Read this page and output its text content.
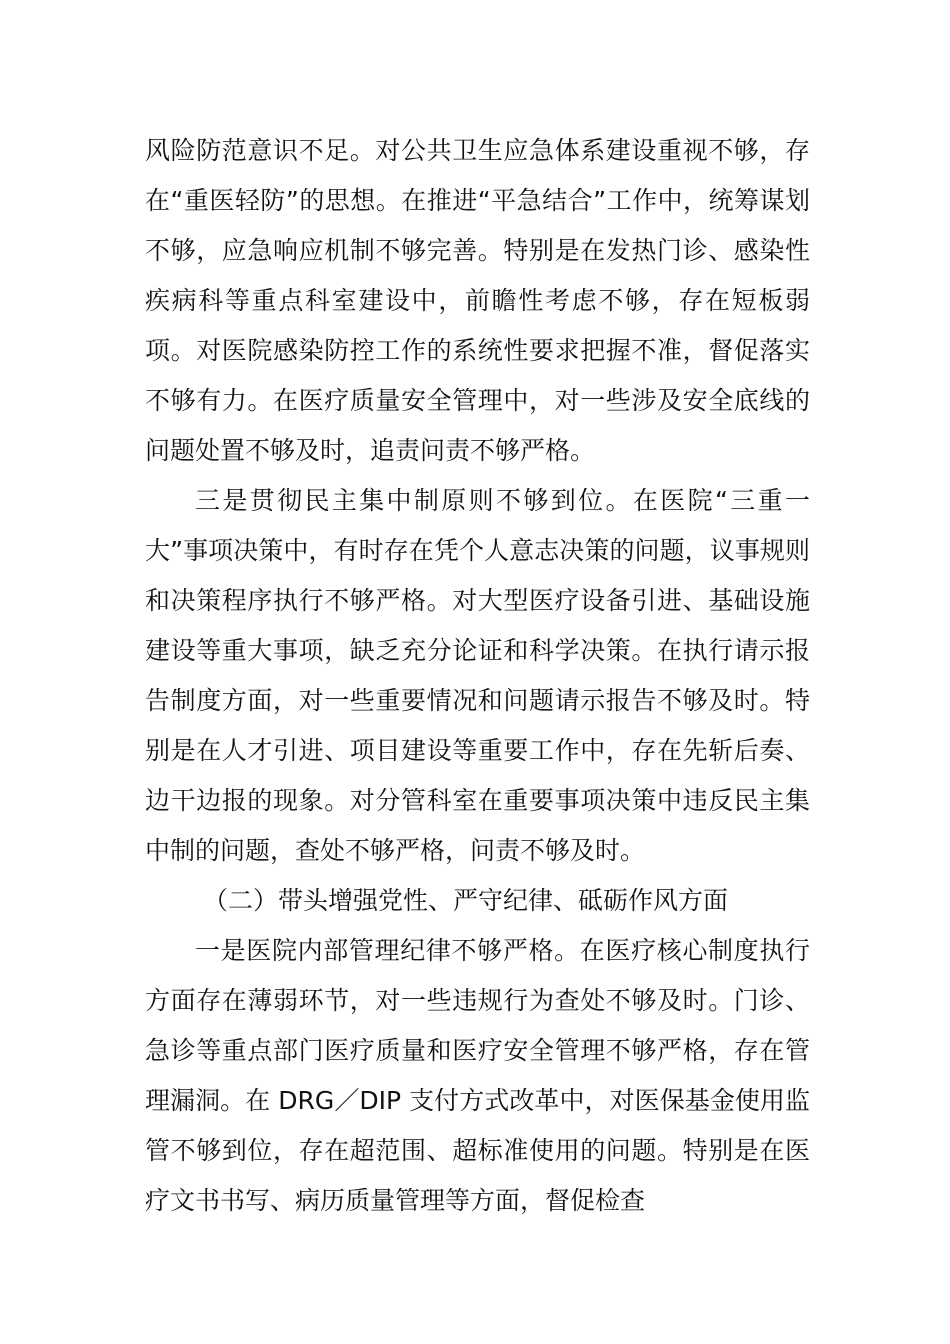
风险防范意识不足。对公共卫生应急体系建设重视不够，存在“重医轻防”的思想。在推进“平急结合”工作中，统筹谋划不够，应急响应机制不够完善。特别是在发热门诊、感染性疾病科等重点科室建设中，前瞻性考虑不够，存在短板弱项。对医院感染防控工作的系统性要求把握不准，督促落实不够有力。在医疗质量安全管理中，对一些涉及安全底线的问题处置不够及时，追责问责不够严格。

三是贯彻民主集中制原则不够到位。在医院“三重一大”事项决策中，有时存在凭个人意志决策的问题，议事规则和决策程序执行不够严格。对大型医疗设备引进、基础设施建设等重大事项，缺乏充分论证和科学决策。在执行请示报告制度方面，对一些重要情况和问题请示报告不够及时。特别是在人才引进、项目建设等重要工作中，存在先斩后奏、边干边报的现象。对分管科室在重要事项决策中违反民主集中制的问题，查处不够严格，问责不够及时。

（二）带头增强党性、严守纪律、砥砺作风方面

一是医院内部管理纪律不够严格。在医疗核心制度执行方面存在薄弱环节，对一些违规行为查处不够及时。门诊、急诊等重点部门医疗质量和医疗安全管理不够严格，存在管理漏洞。在 DRG／DIP 支付方式改革中，对医保基金使用监管不够到位，存在超范围、超标准使用的问题。特别是在医疗文书书写、病历质量管理等方面，督促检查
